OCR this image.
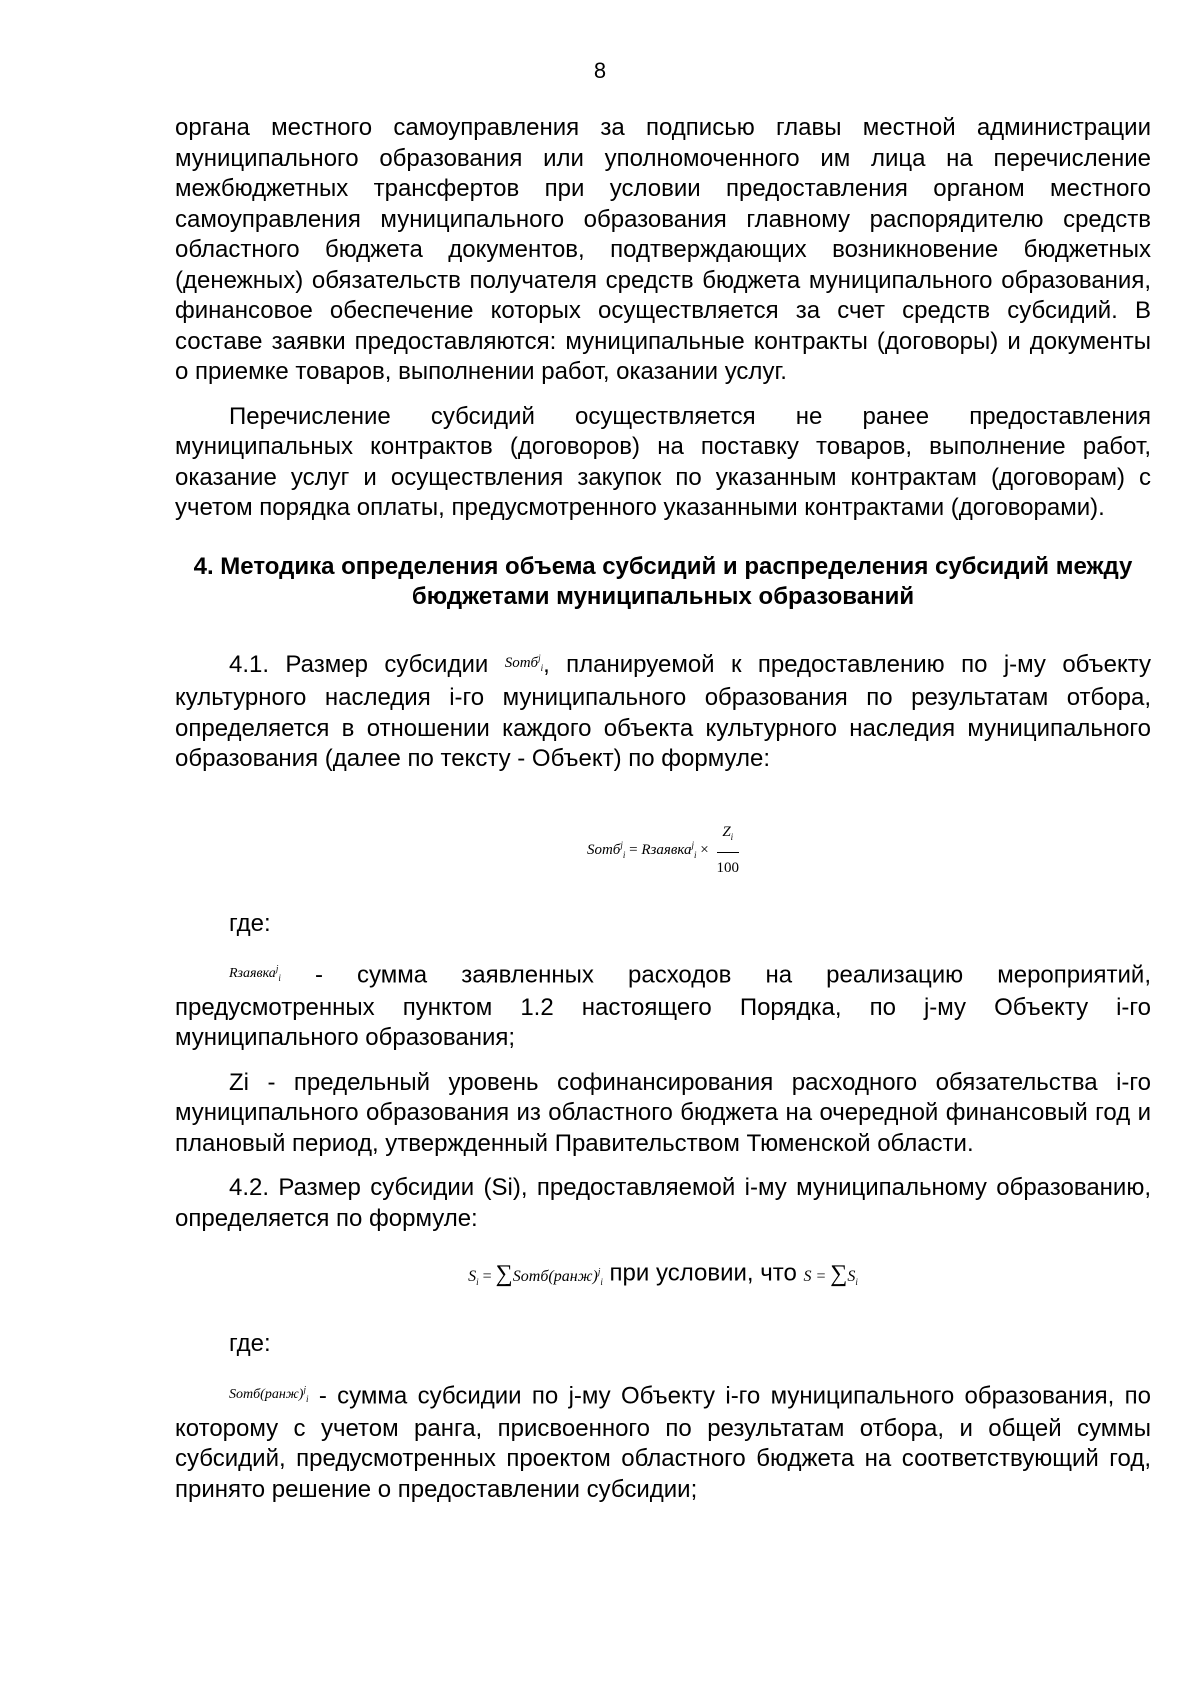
8

органа местного самоуправления за подписью главы местной администрации муниципального образования или уполномоченного им лица на перечисление межбюджетных трансфертов при условии предоставления органом местного самоуправления муниципального образования главному распорядителю средств областного бюджета документов, подтверждающих возникновение бюджетных (денежных) обязательств получателя средств бюджета муниципального образования, финансовое обеспечение которых осуществляется за счет средств субсидий. В составе заявки предоставляются: муниципальные контракты (договоры) и документы о приемке товаров, выполнении работ, оказании услуг.

Перечисление субсидий осуществляется не ранее предоставления муниципальных контрактов (договоров) на поставку товаров, выполнение работ, оказание услуг и осуществления закупок по указанным контрактам (договорам) с учетом порядка оплаты, предусмотренного указанными контрактами (договорами).

4. Методика определения объема субсидий и распределения субсидий между бюджетами муниципальных образований

4.1. Размер субсидии $^{Sотб^j_i}$, планируемой к предоставлению по j-му объекту культурного наследия i-го муниципального образования по результатам отбора, определяется в отношении каждого объекта культурного наследия муниципального образования (далее по тексту - Объект) по формуле:

Sотб$^j_i$ = Rзаявка$^j_i$ × $\frac{Z_i}{100}$
где:

$^{Rзаявка^j_i}$ - сумма заявленных расходов на реализацию мероприятий, предусмотренных пунктом 1.2 настоящего Порядка, по j-му Объекту i-го муниципального образования;

Zi - предельный уровень софинансирования расходного обязательства i-го муниципального образования из областного бюджета на очередной финансовый год и плановый период, утвержденный Правительством Тюменской области.

4.2. Размер субсидии (Si), предоставляемой i-му муниципальному образованию, определяется по формуле:

$S_i$ = ∑Sотб(ранж)$^j_i$ при условии, что $S = \sum S_i$
где:

$^{Sотб(ранж)^j_i}$ - сумма субсидии по j-му Объекту i-го муниципального образования, по которому с учетом ранга, присвоенного по результатам отбора, и общей суммы субсидий, предусмотренных проектом областного бюджета на соответствующий год, принято решение о предоставлении субсидии;
